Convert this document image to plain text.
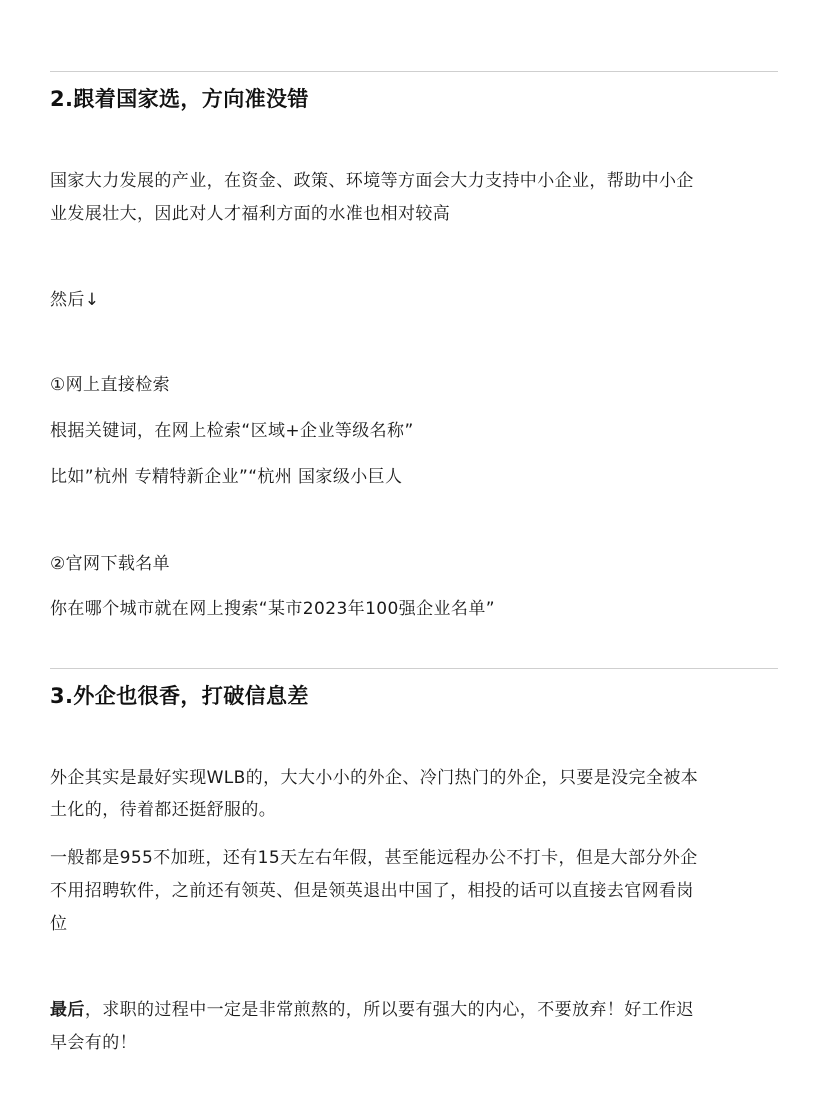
2.跟着国家选，方向准没错
国家大力发展的产业，在资金、政策、环境等方面会大力支持中小企业，帮助中小企
业发展壮大，因此对人才福利方面的水准也相对较高
然后↓
①网上直接检索
根据关键词，在网上检索“区域+企业等级名称”
比如”杭州 专精特新企业”“杭州 国家级小巨人
②官网下载名单
你在哪个城市就在网上搜索“某市2023年100强企业名单”
3.外企也很香，打破信息差
外企其实是最好实现WLB的，大大小小的外企、冷门热门的外企，只要是没完全被本
土化的，待着都还挺舒服的。
一般都是955不加班，还有15天左右年假，甚至能远程办公不打卡，但是大部分外企
不用招聘软件，之前还有领英、但是领英退出中国了，相投的话可以直接去官网看岗
位
最后，求职的过程中一定是非常煎熬的，所以要有强大的内心，不要放弃！好工作迟
早会有的！
